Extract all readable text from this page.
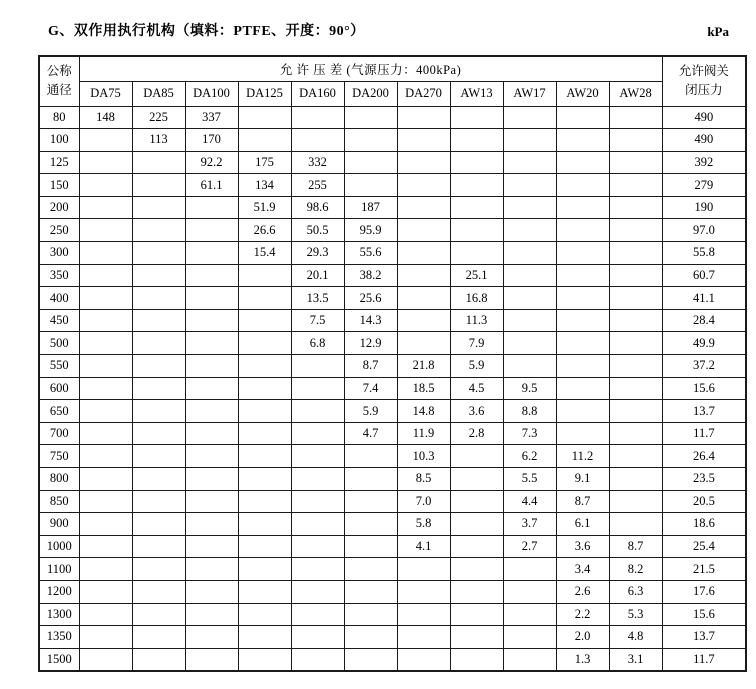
G、双作用执行机构（填料：PTFE、开度：90°）	kPa
公称
通径	允 许 压 差 (气源压力：400kPa)											允许阀关
闭压力
	DA75	DA85	DA100	DA125	DA160	DA200	DA270	AW13	AW17	AW20	AW28	
80	148	225	337									490
100		113	170									490
125			92.2	175	332							392
150			61.1	134	255							279
200				51.9	98.6	187						190
250				26.6	50.5	95.9						97.0
300				15.4	29.3	55.6						55.8
350					20.1	38.2		25.1				60.7
400					13.5	25.6		16.8				41.1
450					7.5	14.3		11.3				28.4
500					6.8	12.9		7.9				49.9
550						8.7	21.8	5.9				37.2
600						7.4	18.5	4.5	9.5			15.6
650						5.9	14.8	3.6	8.8			13.7
700						4.7	11.9	2.8	7.3			11.7
750							10.3		6.2	11.2		26.4
800							8.5		5.5	9.1		23.5
850							7.0		4.4	8.7		20.5
900							5.8		3.7	6.1		18.6
1000							4.1		2.7	3.6	8.7	25.4
1100										3.4	8.2	21.5
1200										2.6	6.3	17.6
1300										2.2	5.3	15.6
1350										2.0	4.8	13.7
1500										1.3	3.1	11.7
